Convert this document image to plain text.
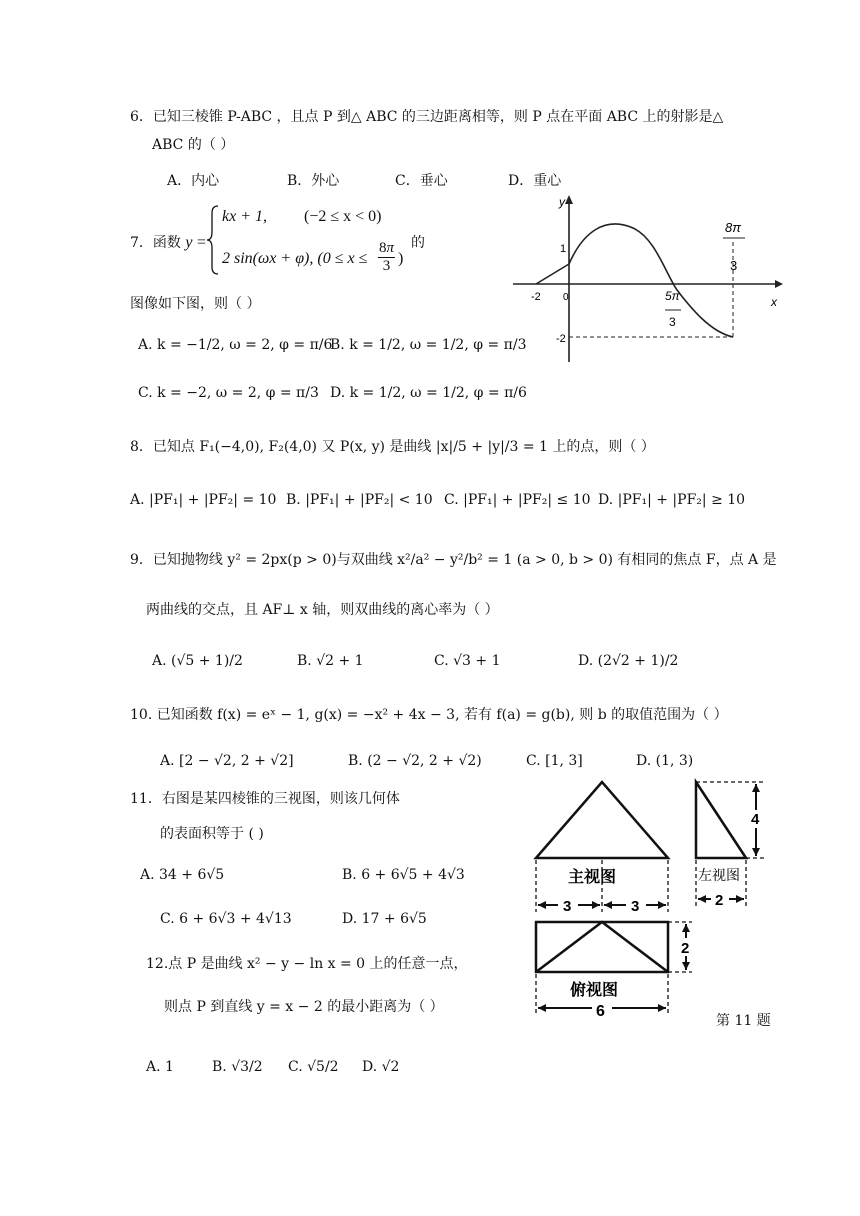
6．已知三棱锥 P-ABC ，且点 P 到△ ABC 的三边距离相等，则 P 点在平面 ABC 上的射影是△
ABC 的（ ）
A．内心	B．外心	C．垂心	D．重心
7．函数 y =
kx + 1, (−2 ≤ x < 0)
2 sin(ωx + φ), ($0 \le x \le \frac{8\pi}{3}$ )
的
图像如下图，则（ ）
A. k = −1/2, ω = 2, φ = π/6
B. k = 1/2, ω = 1/2, φ = π/3
C. k = −2, ω = 2, φ = π/3 D. k = 1/2, ω = 1/2, φ = π/6
y
x
1
-2 0
-2
8π
3
5π
3
8．已知点 F₁(−4,0), F₂(4,0) 又 P(x, y) 是曲线 |x|/5 + |y|/3 = 1 上的点，则（ ）
A. |PF₁| + |PF₂| = 10 B. |PF₁| + |PF₂| < 10 C. |PF₁| + |PF₂| ≤ 10 D. |PF₁| + |PF₂| ≥ 10
9．已知抛物线 y² = 2px(p > 0)与双曲线 x²/a² − y²/b² = 1 (a > 0, b > 0) 有相同的焦点 F，点 A 是
两曲线的交点，且 AF⊥ x 轴，则双曲线的离心率为（ ）
A. (√5 + 1)/2	B. √2 + 1	C. √3 + 1	D. (2√2 + 1)/2
10. 已知函数 f(x) = eˣ − 1, g(x) = −x² + 4x − 3, 若有 f(a) = g(b), 则 b 的取值范围为（ ）
A. [2 − √2, 2 + √2]	B. (2 − √2, 2 + √2)	C. [1, 3]	D. (1, 3)
11．右图是某四棱锥的三视图，则该几何体
的表面积等于 ( )
A. 34 + 6√5	B. 6 + 6√5 + 4√3
C. 6 + 6√3 + 4√13	D. 17 + 6√5
主视图
3	3
4
左视图
2
2
俯视图
6
第 11 题
12.点 P 是曲线 x² − y − ln x = 0 上的任意一点，
则点 P 到直线 y = x − 2 的最小距离为（ ）
A. 1	B. √3/2 C. √5/2 D. √2
